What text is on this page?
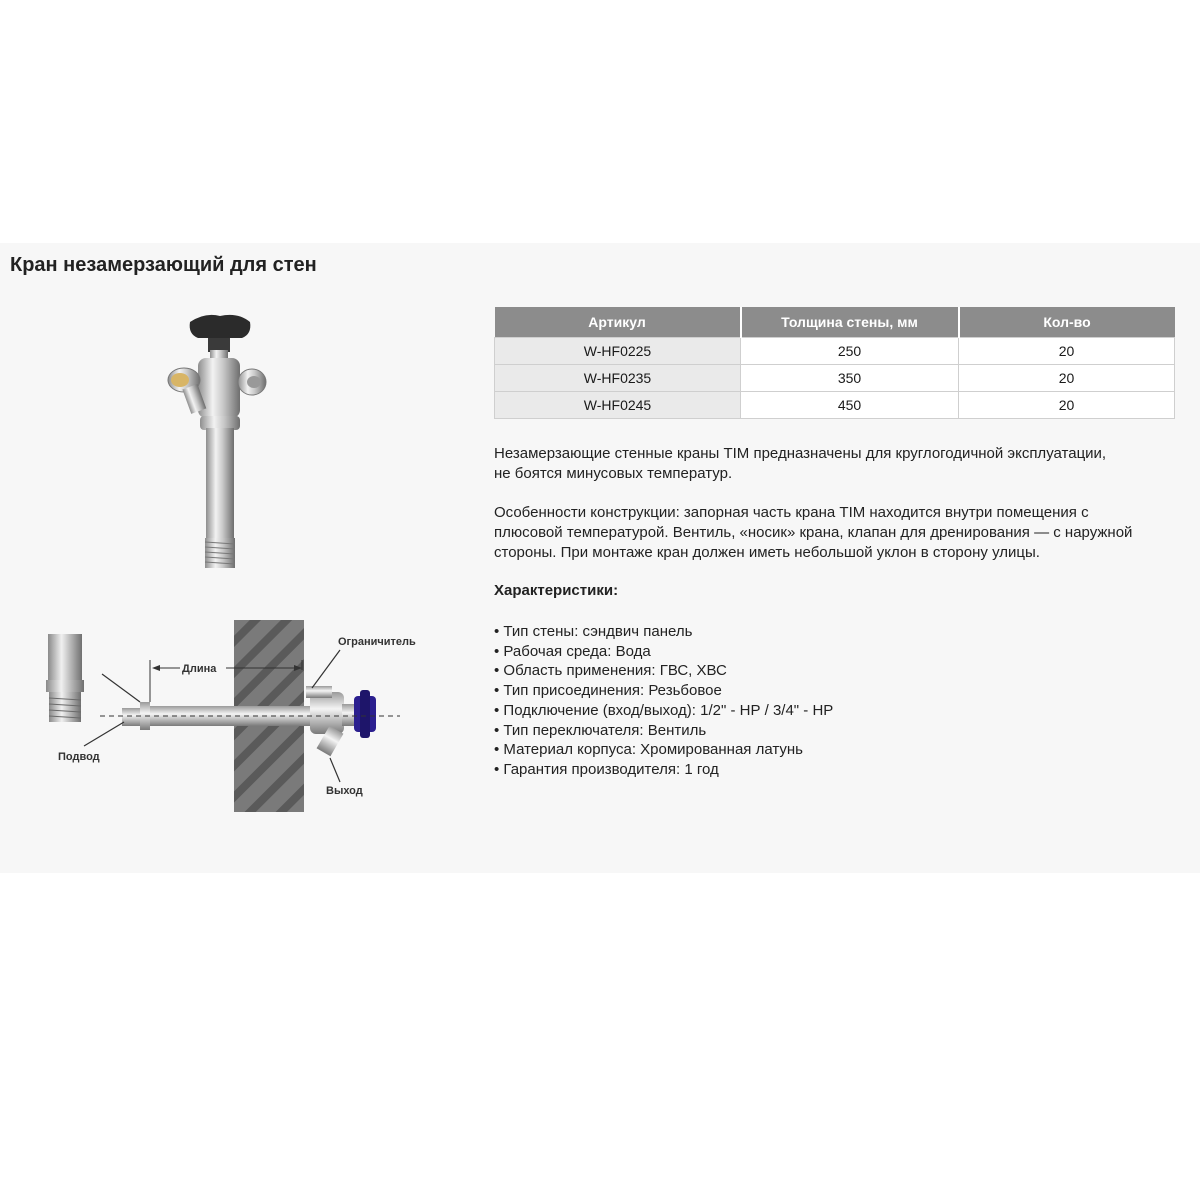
Кран незамерзающий для стен
Длина
Ограничитель
Подвод
Выход
Артикул	Толщина стены, мм	Кол-во
W-HF0225	250	20
W-HF0235	350	20
W-HF0245	450	20
Незамерзающие стенные краны TIM предназначены для круглогодичной эксплуатации,
не боятся минусовых температур.
Особенности конструкции: запорная часть крана TIM находится внутри помещения с
плюсовой температурой. Вентиль, «носик» крана, клапан для дренирования — с наружной
стороны. При монтаже кран должен иметь небольшой уклон в сторону улицы.
Характеристики:
• Тип стены: сэндвич панель
• Рабочая среда: Вода
• Область применения: ГВС, ХВС
• Тип присоединения: Резьбовое
• Подключение (вход/выход): 1/2" - НР / 3/4" - НР
• Тип переключателя: Вентиль
• Материал корпуса: Хромированная латунь
• Гарантия производителя: 1 год
